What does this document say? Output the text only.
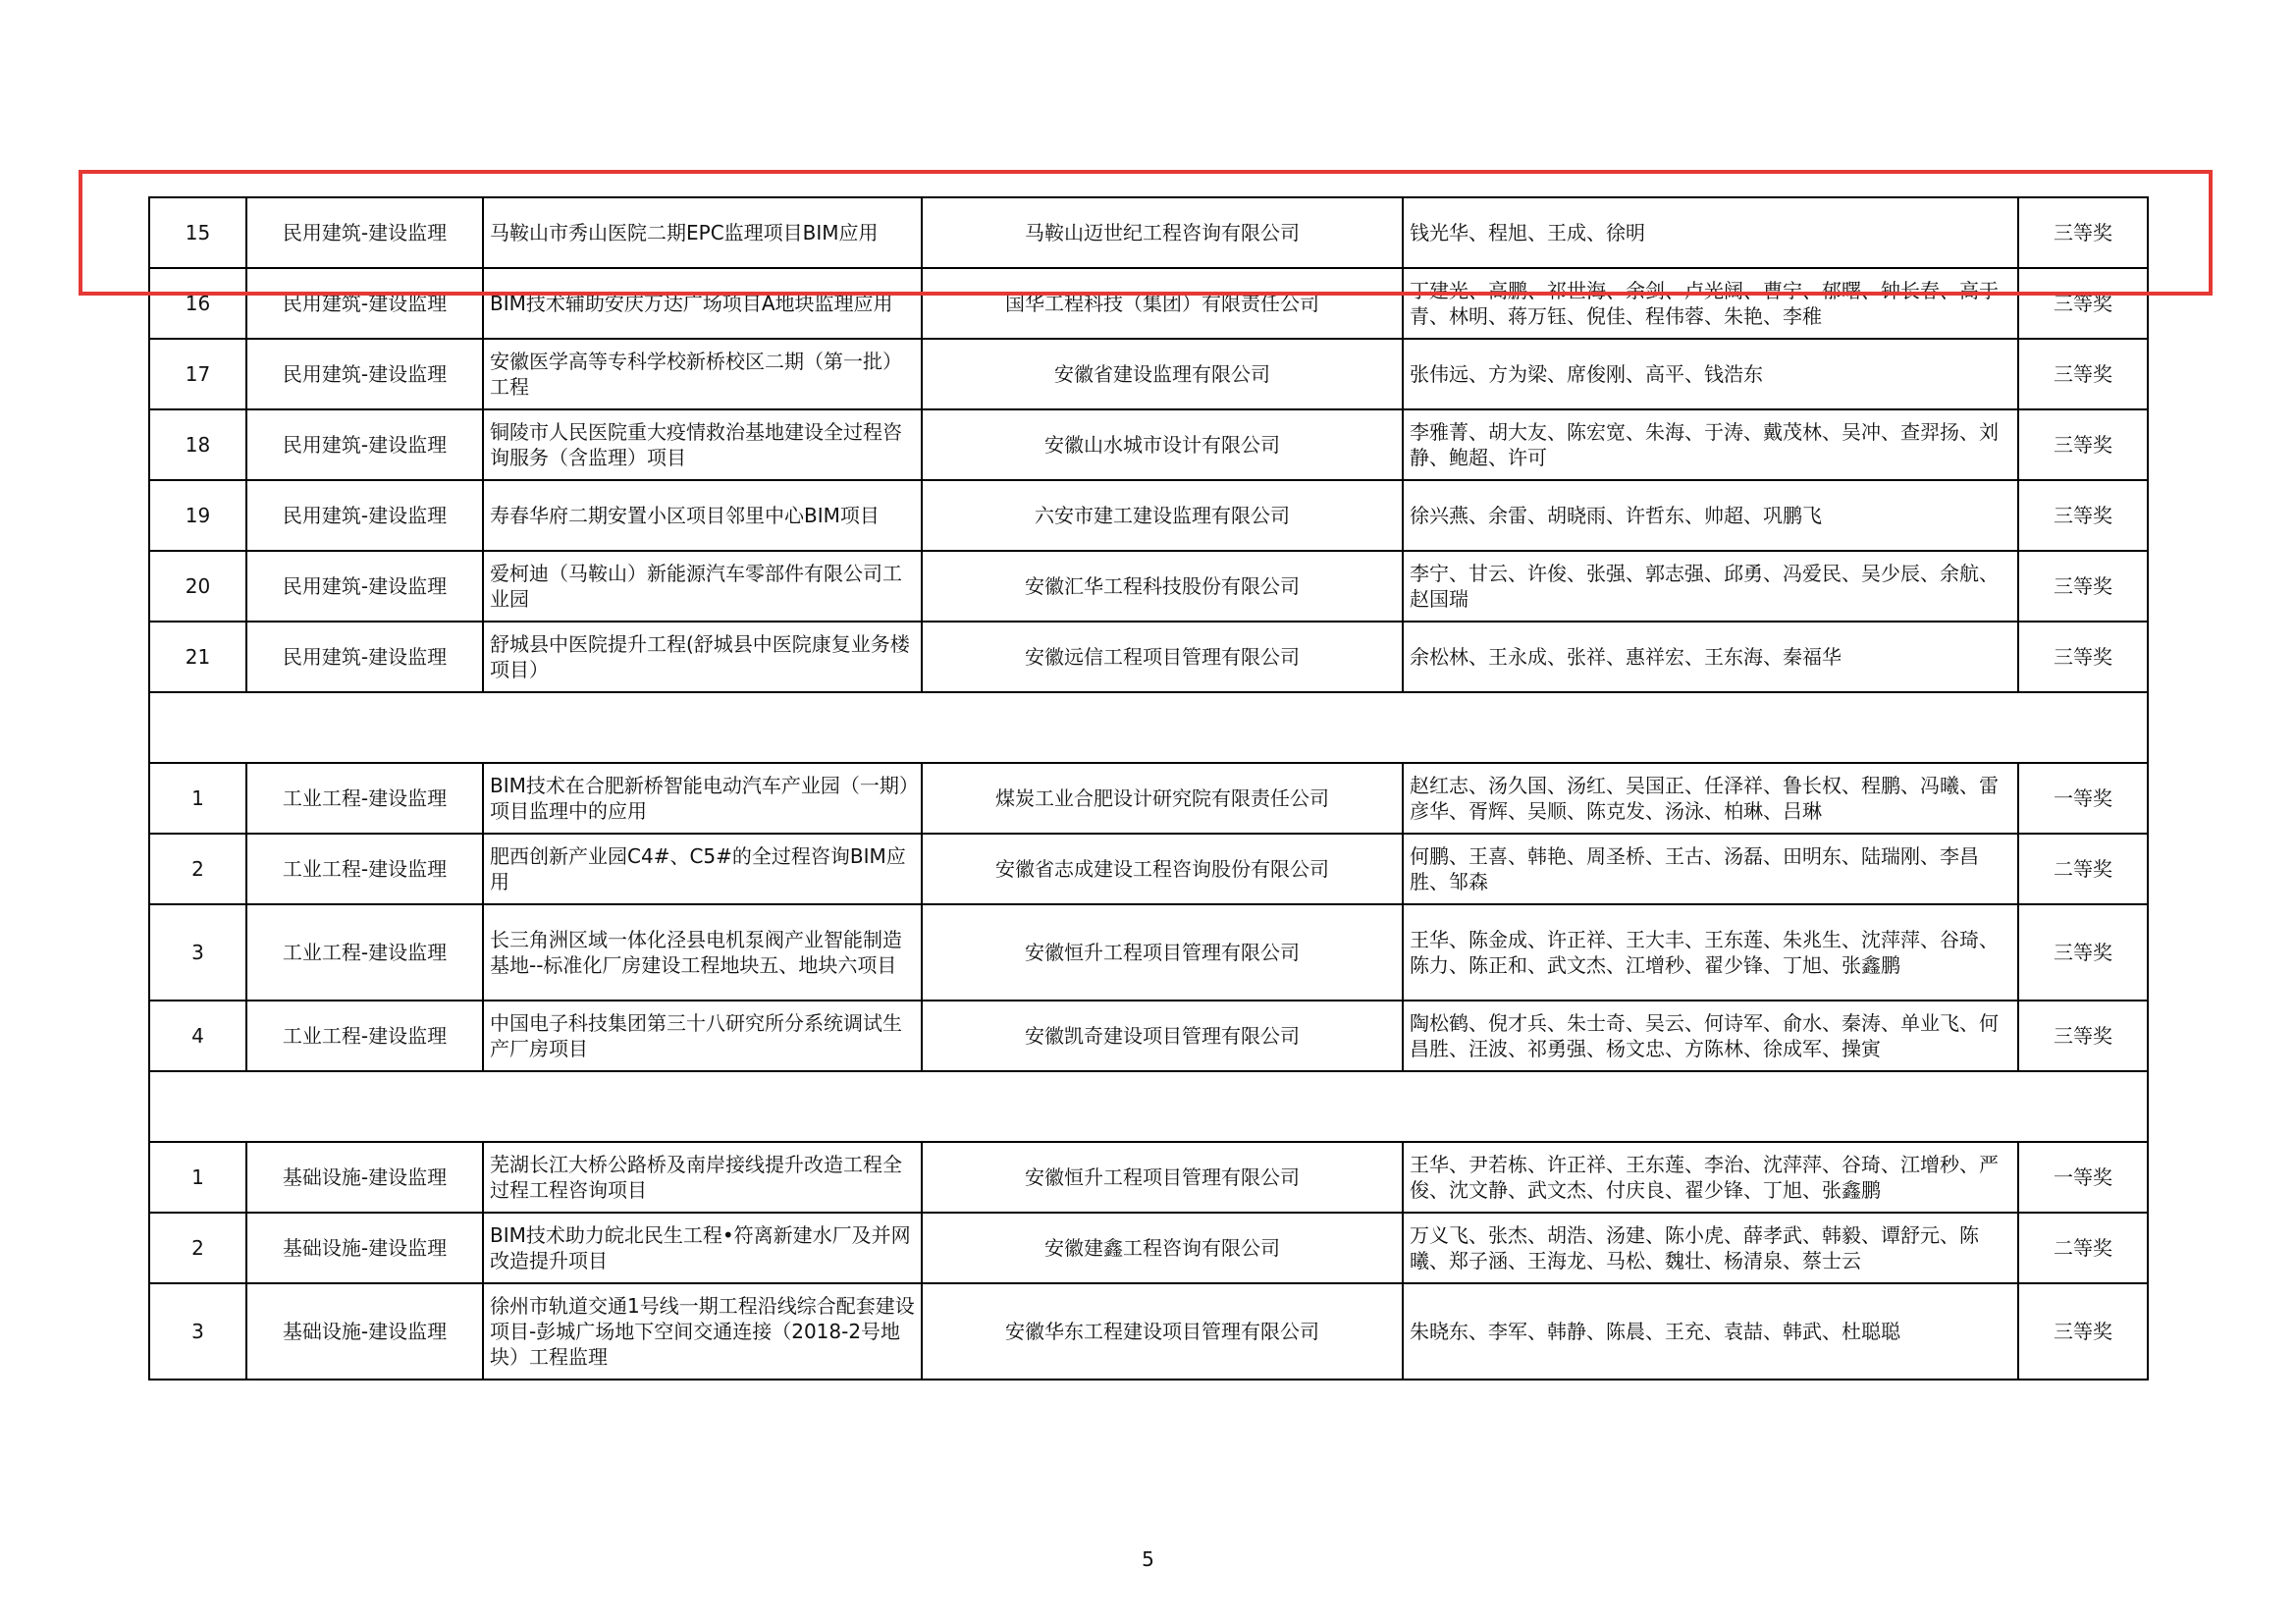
15	民用建筑-建设监理	马鞍山市秀山医院二期EPC监理项目BIM应用	马鞍山迈世纪工程咨询有限公司	钱光华、程旭、王成、徐明	三等奖
16	民用建筑-建设监理	BIM技术辅助安庆万达广场项目A地块监理应用	国华工程科技（集团）有限责任公司	丁建光、高鹏、祁世海、余剑、卢光阔、曹宁、郁曙、钟长春、高于青、林明、蒋万钰、倪佳、程伟蓉、朱艳、李稚	三等奖
17	民用建筑-建设监理	安徽医学高等专科学校新桥校区二期（第一批）工程	安徽省建设监理有限公司	张伟远、方为梁、席俊刚、高平、钱浩东	三等奖
18	民用建筑-建设监理	铜陵市人民医院重大疫情救治基地建设全过程咨询服务（含监理）项目	安徽山水城市设计有限公司	李雅菁、胡大友、陈宏宽、朱海、于涛、戴茂林、吴冲、查羿扬、刘静、鲍超、许可	三等奖
19	民用建筑-建设监理	寿春华府二期安置小区项目邻里中心BIM项目	六安市建工建设监理有限公司	徐兴燕、余雷、胡晓雨、许哲东、帅超、巩鹏飞	三等奖
20	民用建筑-建设监理	爱柯迪（马鞍山）新能源汽车零部件有限公司工业园	安徽汇华工程科技股份有限公司	李宁、甘云、许俊、张强、郭志强、邱勇、冯爱民、吴少辰、余航、赵国瑞	三等奖
21	民用建筑-建设监理	舒城县中医院提升工程(舒城县中医院康复业务楼项目）	安徽远信工程项目管理有限公司	余松林、王永成、张祥、惠祥宏、王东海、秦福华	三等奖

1	工业工程-建设监理	BIM技术在合肥新桥智能电动汽车产业园（一期）项目监理中的应用	煤炭工业合肥设计研究院有限责任公司	赵红志、汤久国、汤红、吴国正、任泽祥、鲁长权、程鹏、冯曦、雷彦华、胥辉、吴顺、陈克发、汤泳、柏琳、吕琳	一等奖
2	工业工程-建设监理	肥西创新产业园C4#、C5#的全过程咨询BIM应用	安徽省志成建设工程咨询股份有限公司	何鹏、王喜、韩艳、周圣桥、王古、汤磊、田明东、陆瑞刚、李昌胜、邹森	二等奖
3	工业工程-建设监理	长三角洲区域一体化泾县电机泵阀产业智能制造基地--标准化厂房建设工程地块五、地块六项目	安徽恒升工程项目管理有限公司	王华、陈金成、许正祥、王大丰、王东莲、朱兆生、沈萍萍、谷琦、陈力、陈正和、武文杰、江增秒、翟少锋、丁旭、张鑫鹏	三等奖
4	工业工程-建设监理	中国电子科技集团第三十八研究所分系统调试生产厂房项目	安徽凯奇建设项目管理有限公司	陶松鹤、倪才兵、朱士奇、吴云、何诗军、俞水、秦涛、单业飞、何昌胜、汪波、祁勇强、杨文忠、方陈林、徐成军、操寅	三等奖

1	基础设施-建设监理	芜湖长江大桥公路桥及南岸接线提升改造工程全过程工程咨询项目	安徽恒升工程项目管理有限公司	王华、尹若栋、许正祥、王东莲、李治、沈萍萍、谷琦、江增秒、严俊、沈文静、武文杰、付庆良、翟少锋、丁旭、张鑫鹏	一等奖
2	基础设施-建设监理	BIM技术助力皖北民生工程•符离新建水厂及并网改造提升项目	安徽建鑫工程咨询有限公司	万义飞、张杰、胡浩、汤建、陈小虎、薛孝武、韩毅、谭舒元、陈曦、郑子涵、王海龙、马松、魏壮、杨清泉、蔡士云	二等奖
3	基础设施-建设监理	徐州市轨道交通1号线一期工程沿线综合配套建设项目-彭城广场地下空间交通连接（2018-2号地块）工程监理	安徽华东工程建设项目管理有限公司	朱晓东、李军、韩静、陈晨、王充、袁喆、韩武、杜聪聪	三等奖
5
